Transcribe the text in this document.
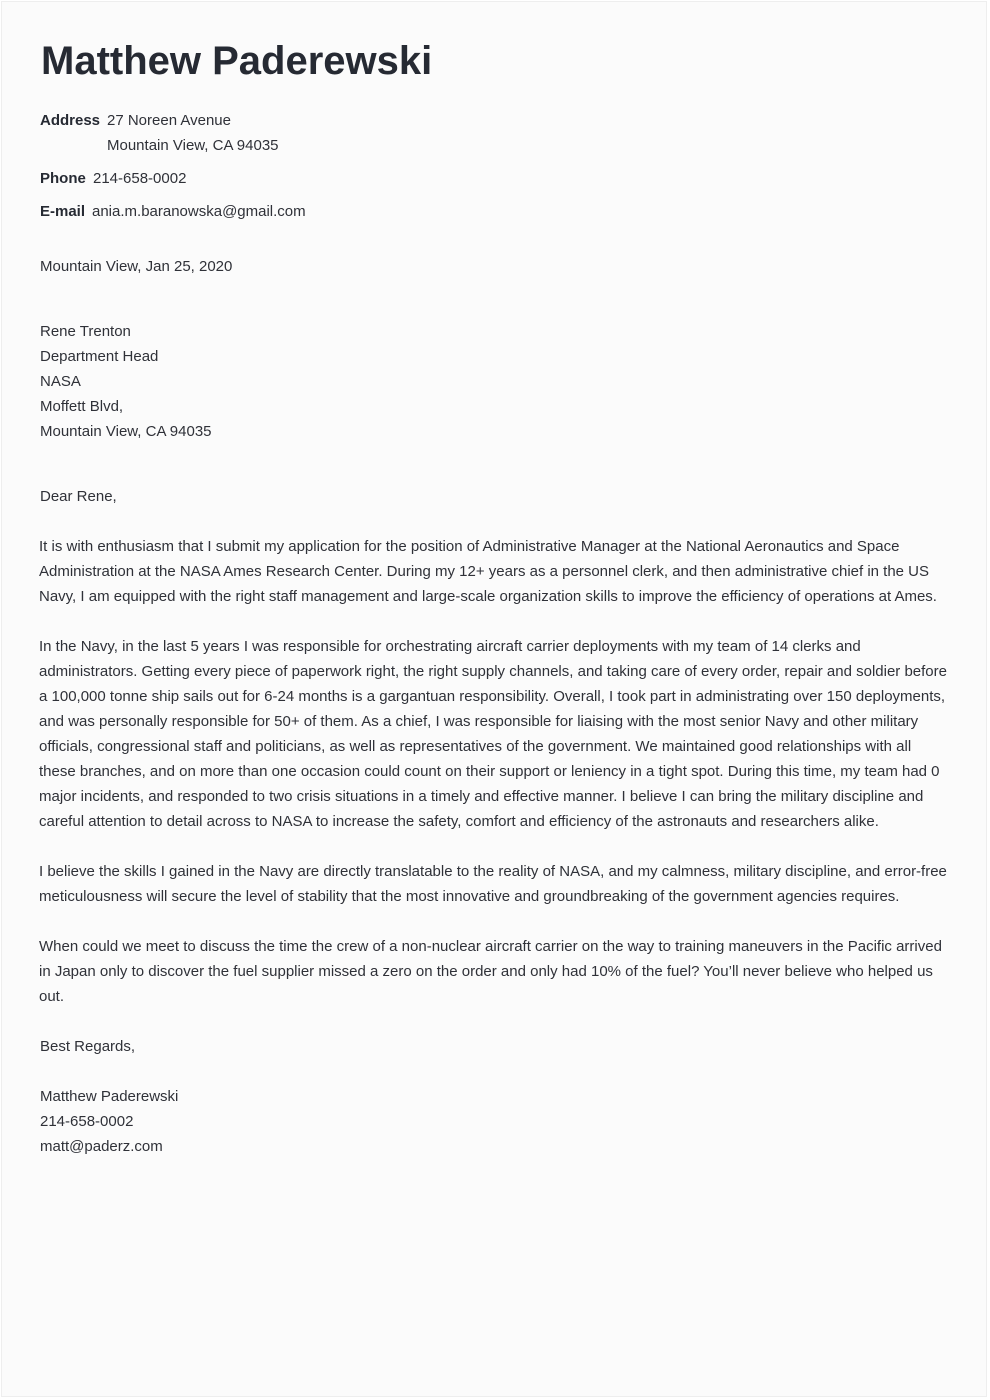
Matthew Paderewski
Address 27 Noreen Avenue
Mountain View, CA 94035
Phone 214-658-0002
E-mail ania.m.baranowska@gmail.com
Mountain View, Jan 25, 2020
Rene Trenton
Department Head
NASA
Moffett Blvd,
Mountain View, CA 94035
Dear Rene,

It is with enthusiasm that I submit my application for the position of Administrative Manager at the National Aeronautics and Space Administration at the NASA Ames Research Center. During my 12+ years as a personnel clerk, and then administrative chief in the US Navy, I am equipped with the right staff management and large-scale organization skills to improve the efficiency of operations at Ames.

In the Navy, in the last 5 years I was responsible for orchestrating aircraft carrier deployments with my team of 14 clerks and administrators. Getting every piece of paperwork right, the right supply channels, and taking care of every order, repair and soldier before a 100,000 tonne ship sails out for 6-24 months is a gargantuan responsibility. Overall, I took part in administrating over 150 deployments, and was personally responsible for 50+ of them. As a chief, I was responsible for liaising with the most senior Navy and other military officials, congressional staff and politicians, as well as representatives of the government. We maintained good relationships with all these branches, and on more than one occasion could count on their support or leniency in a tight spot. During this time, my team had 0 major incidents, and responded to two crisis situations in a timely and effective manner. I believe I can bring the military discipline and careful attention to detail across to NASA to increase the safety, comfort and efficiency of the astronauts and researchers alike.

I believe the skills I gained in the Navy are directly translatable to the reality of NASA, and my calmness, military discipline, and error-free meticulousness will secure the level of stability that the most innovative and groundbreaking of the government agencies requires.

When could we meet to discuss the time the crew of a non-nuclear aircraft carrier on the way to training maneuvers in the Pacific arrived in Japan only to discover the fuel supplier missed a zero on the order and only had 10% of the fuel? You’ll never believe who helped us out.

Best Regards,
Matthew Paderewski
214-658-0002
matt@paderz.com
